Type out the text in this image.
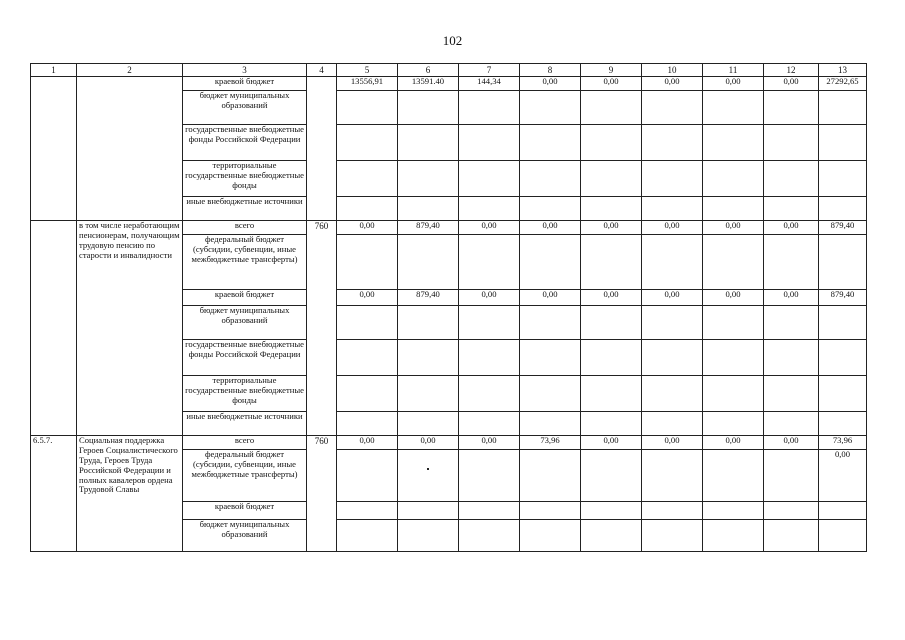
102
1	2	3	4	5	6	7	8	9	10	11	12	13
		краевой бюджет		13556,91	13591.40	144,34	0,00	0,00	0,00	0,00	0,00	27292,65
		бюджет муниципальных образований										
		государственные внебюджетные фонды Российской Федерации										
		территориальные государственные внебюджетные фонды										
		иные внебюджетные источники										
	в том числе неработающим пенсионерам, получающим трудовую пенсию по старости и инвалидности	всего	760	0,00	879,40	0,00	0,00	0,00	0,00	0,00	0,00	879,40
		федеральный бюджет (субсидии, субвенции, иные межбюджетные трансферты)										
		краевой бюджет		0,00	879,40	0,00	0,00	0,00	0,00	0,00	0,00	879,40
		бюджет муниципальных образований										
		государственные внебюджетные фонды Российской Федерации										
		территориальные государственные внебюджетные фонды										
		иные внебюджетные источники										
6.5.7.	Социальная поддержка Героев Социалистического Труда, Героев Труда Российской Федерации и полных кавалеров ордена Трудовой Славы	всего	760	0,00	0,00	0,00	73,96	0,00	0,00	0,00	0,00	73,96
		федеральный бюджет (субсидии, субвенции, иные межбюджетные трансферты)										0,00
		краевой бюджет										
		бюджет муниципальных образований										
